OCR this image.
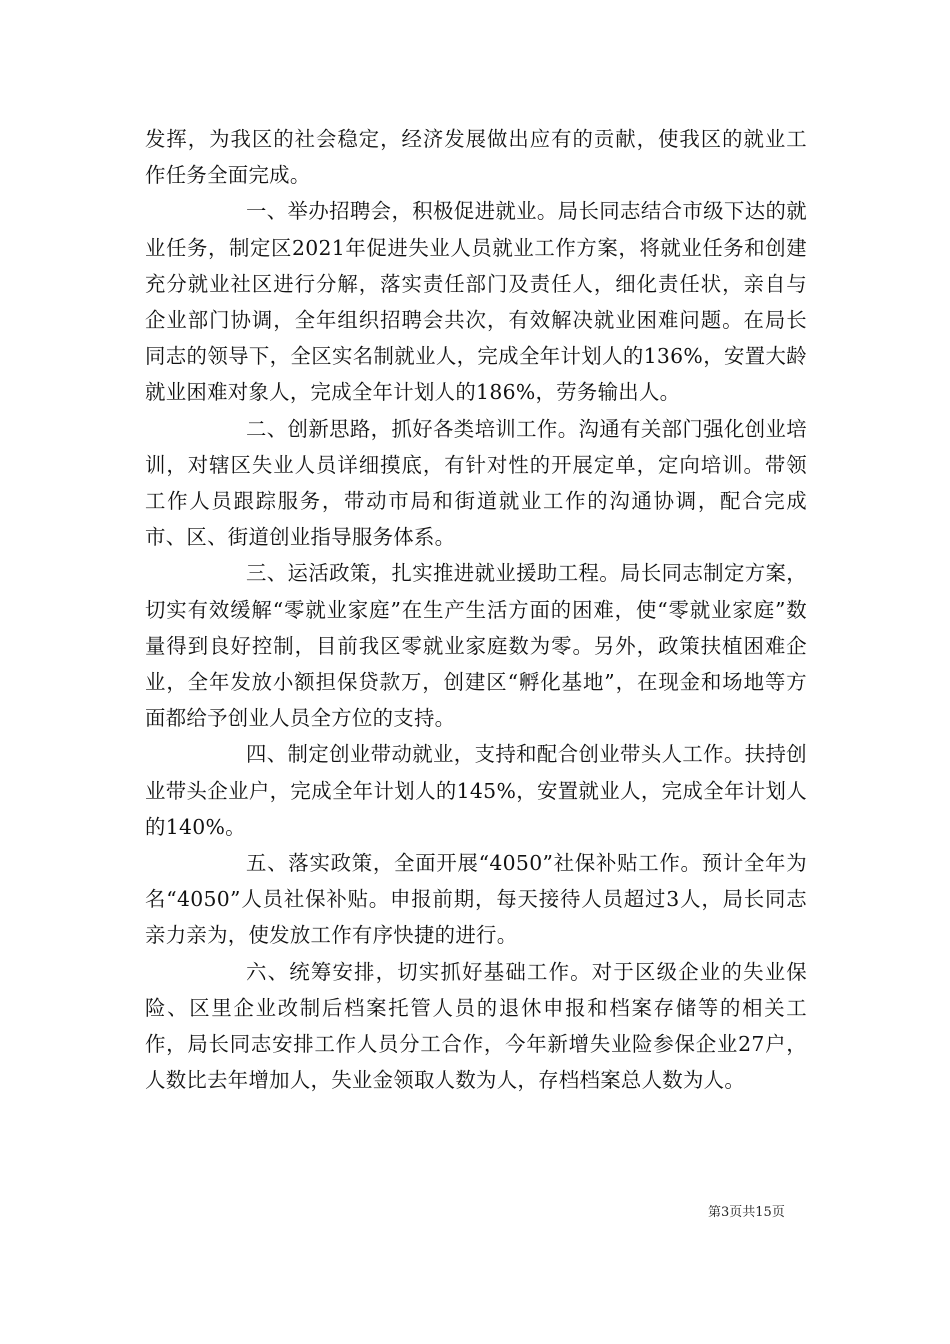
发挥，为我区的社会稳定，经济发展做出应有的贡献，使我区的就业工作任务全面完成。

一、举办招聘会，积极促进就业。局长同志结合市级下达的就业任务，制定区2021年促进失业人员就业工作方案，将就业任务和创建充分就业社区进行分解，落实责任部门及责任人，细化责任状，亲自与企业部门协调，全年组织招聘会共次，有效解决就业困难问题。在局长同志的领导下，全区实名制就业人，完成全年计划人的136%，安置大龄就业困难对象人，完成全年计划人的186%，劳务输出人。

二、创新思路，抓好各类培训工作。沟通有关部门强化创业培训，对辖区失业人员详细摸底，有针对性的开展定单，定向培训。带领工作人员跟踪服务，带动市局和街道就业工作的沟通协调，配合完成市、区、街道创业指导服务体系。

三、运活政策，扎实推进就业援助工程。局长同志制定方案，切实有效缓解“零就业家庭”在生产生活方面的困难，使“零就业家庭”数量得到良好控制，目前我区零就业家庭数为零。另外，政策扶植困难企业，全年发放小额担保贷款万，创建区“孵化基地”，在现金和场地等方面都给予创业人员全方位的支持。

四、制定创业带动就业，支持和配合创业带头人工作。扶持创业带头企业户，完成全年计划人的145%，安置就业人，完成全年计划人的140%。

五、落实政策，全面开展“4050”社保补贴工作。预计全年为名“4050”人员社保补贴。申报前期，每天接待人员超过3人，局长同志亲力亲为，使发放工作有序快捷的进行。

六、统筹安排，切实抓好基础工作。对于区级企业的失业保险、区里企业改制后档案托管人员的退休申报和档案存储等的相关工作，局长同志安排工作人员分工合作，今年新增失业险参保企业27户，人数比去年增加人，失业金领取人数为人，存档档案总人数为人。

第3页共15页
